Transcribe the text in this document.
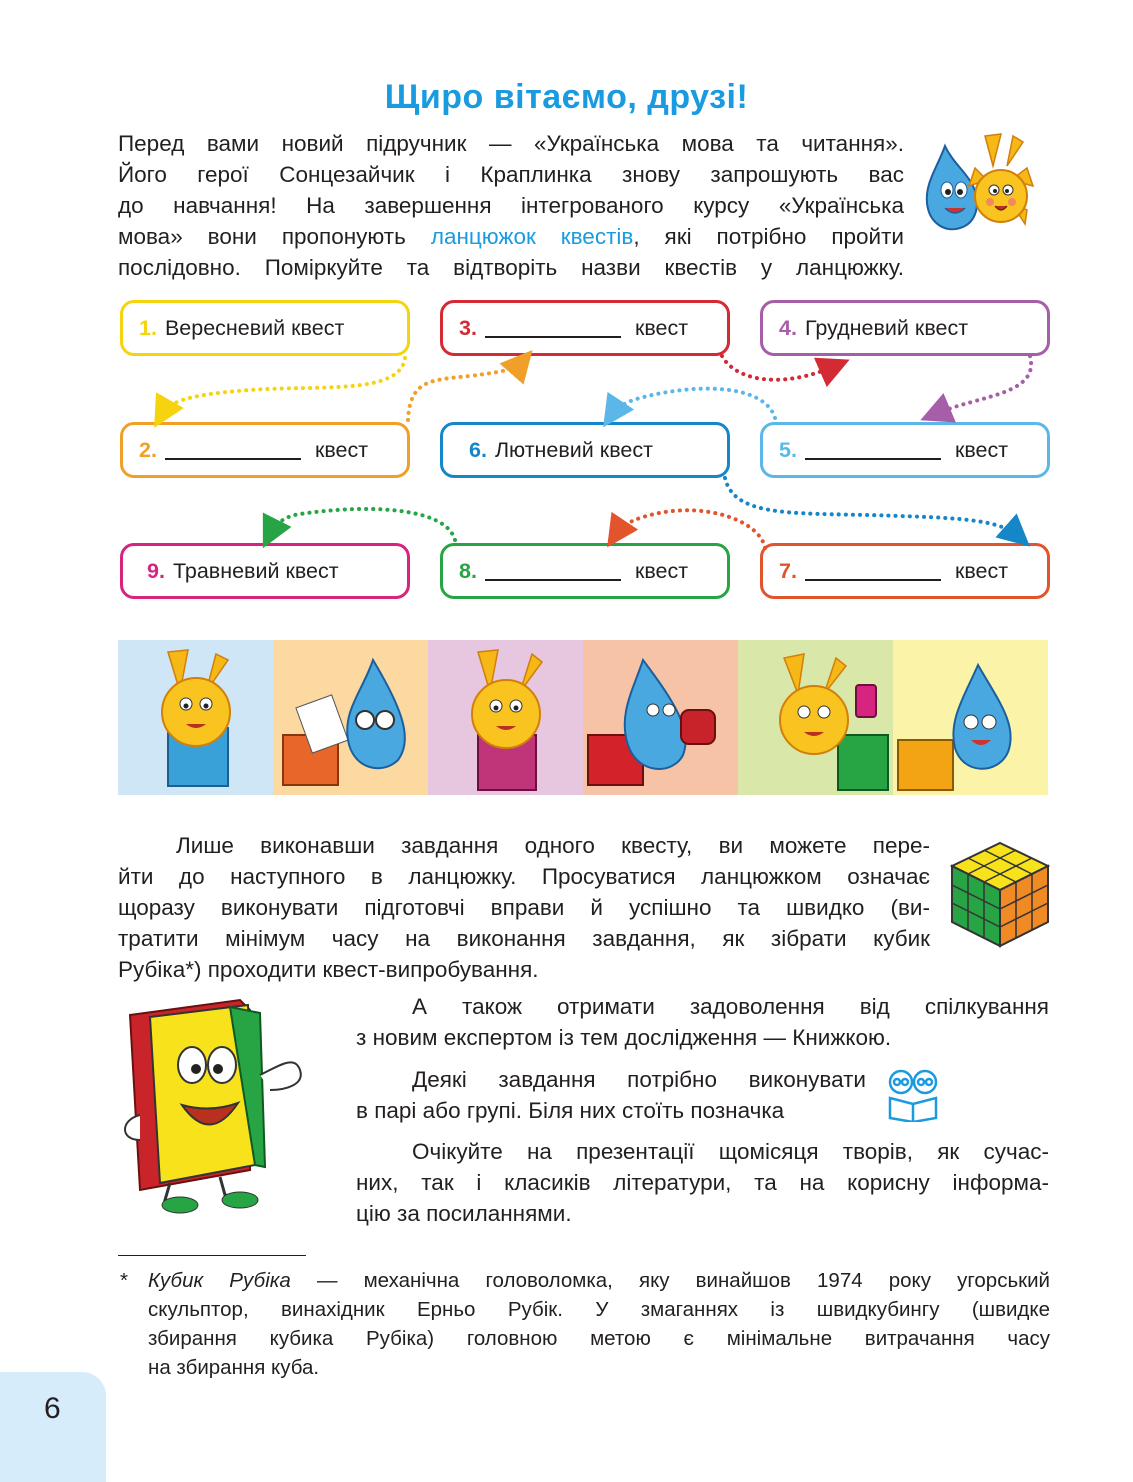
Щиро вітаємо, друзі!

Перед вами новий підручник — «Українська мова та читання».
Його герої Сонцезайчик і Краплинка знову запрошують вас
до навчання! На завершення інтегрованого курсу «Українська
мова» вони пропонують ланцюжок квестів, які потрібно пройти
послідовно. Поміркуйте та відтворіть назви квестів у ланцюжку.

1. Вересневий квест	3.	квест	4. Грудневий квест
2.	квест	6. Лютневий квест	5.	квест
9. Травневий квест	8.	квест	7.	квест

Лише виконавши завдання одного квесту, ви можете пере-
йти до наступного в ланцюжку. Просуватися ланцюжком означає
щоразу виконувати підготовчі вправи й успішно та швидко (ви-
тратити мінімум часу на виконання завдання, як зібрати кубик
Рубіка*) проходити квест-випробування.

А також отримати задоволення від спілкування
з новим експертом із тем дослідження — Книжкою.

Деякі завдання потрібно виконувати
в парі або групі. Біля них стоїть позначка

Очікуйте на презентації щомісяця творів, як сучас-
них, так і класиків літератури, та на корисну інформа-
цію за посиланнями.

* Кубик Рубіка — механічна головоломка, яку винайшов 1974 року угорський
скульптор, винахідник Ерньо Рубік. У змаганнях із швидкубингу (швидке
збирання кубика Рубіка) головною метою є мінімальне витрачання часу
на збирання куба.
6
